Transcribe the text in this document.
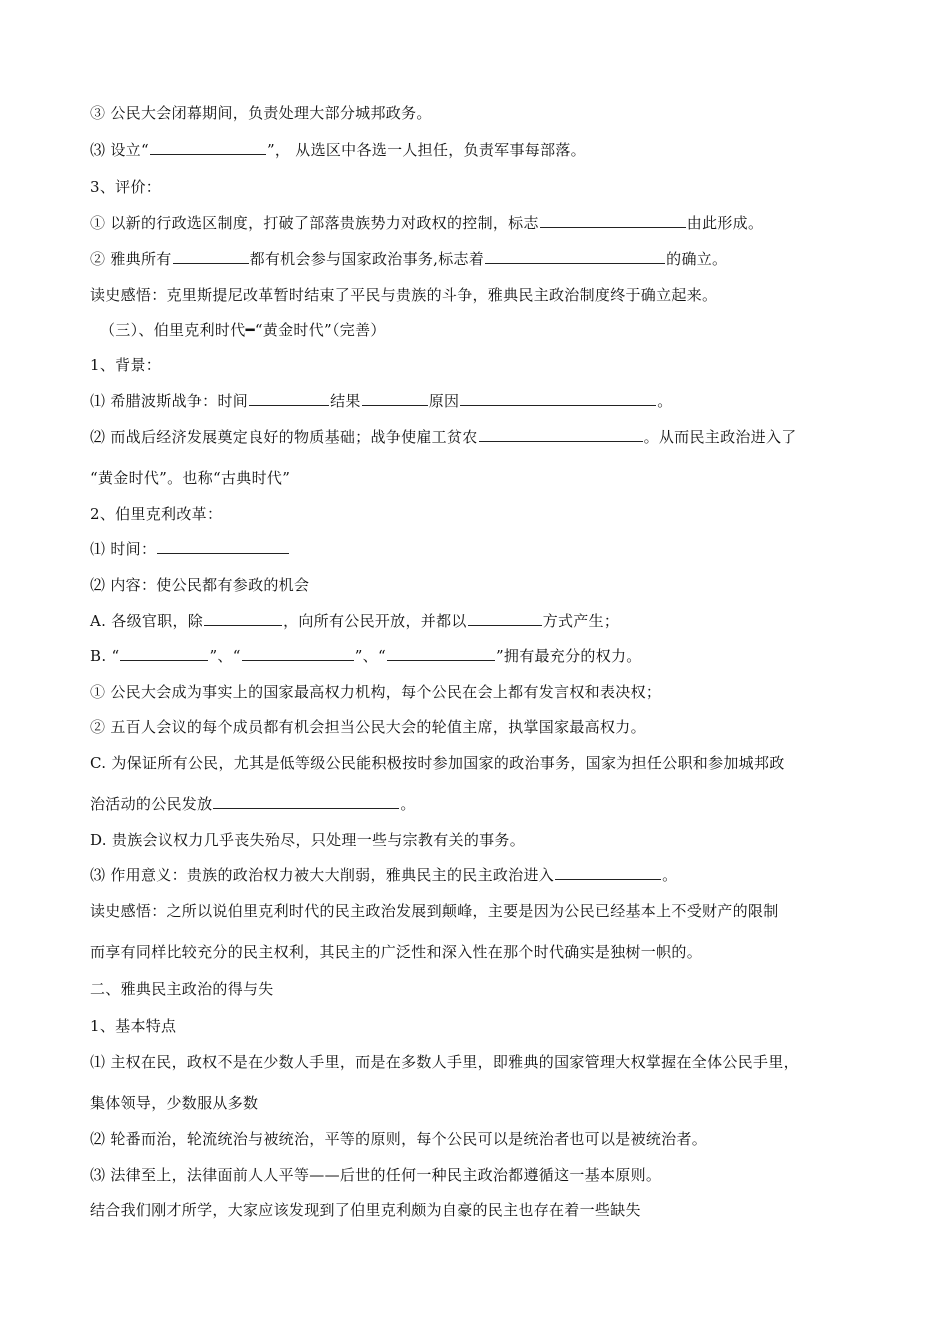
③ 公民大会闭幕期间，负责处理大部分城邦政务。
⑶ 设立“	”， 从选区中各选一人担任，负责军事每部落。
3、评价：
① 以新的行政选区制度，打破了部落贵族势力对政权的控制，标志	由此形成。
② 雅典所有	都有机会参与国家政治事务,标志着	的确立。
读史感悟：克里斯提尼改革暂时结束了平民与贵族的斗争，雅典民主政治制度终于确立起来。
（三）、伯里克利时代━“黄金时代”（完善）
1、背景：
⑴ 希腊波斯战争：时间	结果	原因	。
⑵ 而战后经济发展奠定良好的物质基础；战争使雇工贫农	。从而民主政治进入了
“黄金时代”。也称“古典时代”
2、伯里克利改革：
⑴ 时间：
⑵ 内容：使公民都有参政的机会
A. 各级官职，除	，向所有公民开放，并都以	方式产生；
B. “	”、“	”、“	”拥有最充分的权力。
① 公民大会成为事实上的国家最高权力机构，每个公民在会上都有发言权和表决权；
② 五百人会议的每个成员都有机会担当公民大会的轮值主席，执掌国家最高权力。
C. 为保证所有公民，尤其是低等级公民能积极按时参加国家的政治事务，国家为担任公职和参加城邦政
治活动的公民发放	。
D. 贵族会议权力几乎丧失殆尽，只处理一些与宗教有关的事务。
⑶ 作用意义：贵族的政治权力被大大削弱，雅典民主的民主政治进入	。
读史感悟：之所以说伯里克利时代的民主政治发展到颠峰，主要是因为公民已经基本上不受财产的限制
而享有同样比较充分的民主权利，其民主的广泛性和深入性在那个时代确实是独树一帜的。
二、雅典民主政治的得与失
1、基本特点
⑴ 主权在民，政权不是在少数人手里，而是在多数人手里，即雅典的国家管理大权掌握在全体公民手里，
集体领导，少数服从多数
⑵ 轮番而治，轮流统治与被统治，平等的原则，每个公民可以是统治者也可以是被统治者。
⑶ 法律至上，法律面前人人平等——后世的任何一种民主政治都遵循这一基本原则。
结合我们刚才所学，大家应该发现到了伯里克利颇为自豪的民主也存在着一些缺失
